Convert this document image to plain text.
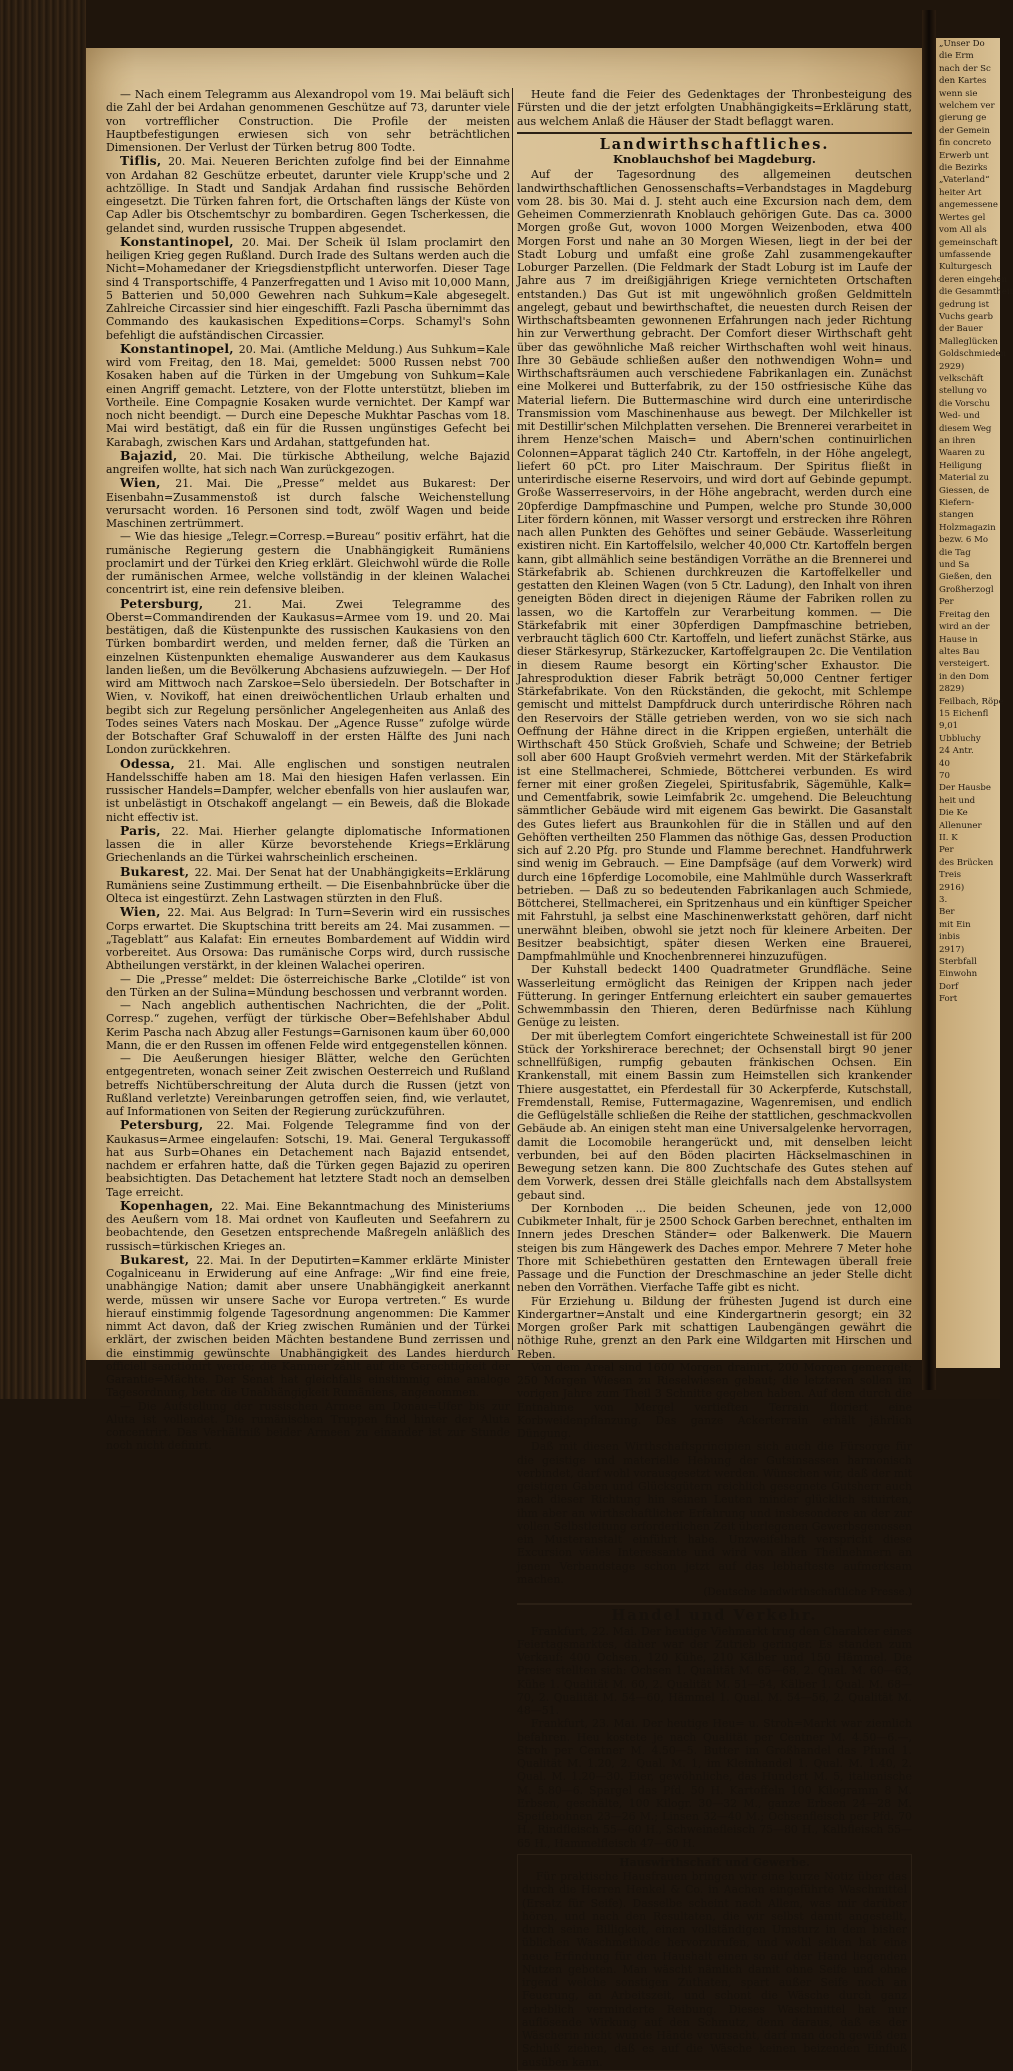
— Nach einem Telegramm aus Alexandropol vom 19. Mai beläuft sich die Zahl der bei Ardahan genommenen Geschütze auf 73, darunter viele von vortrefflicher Construction. Die Profile der meisten Hauptbefestigungen erwiesen sich von sehr beträchtlichen Dimensionen. Der Verlust der Türken betrug 800 Todte.

Tiflis, 20. Mai. Neueren Berichten zufolge find bei der Einnahme von Ardahan 82 Geschütze erbeutet, darunter viele Krupp'sche und 2 achtzöllige. In Stadt und Sandjak Ardahan find russische Behörden eingesetzt. Die Türken fahren fort, die Ortschaften längs der Küste von Cap Adler bis Otschemtschyr zu bombardiren. Gegen Tscherkessen, die gelandet sind, wurden russische Truppen abgesendet.

Konstantinopel, 20. Mai. Der Scheik ül Islam proclamirt den heiligen Krieg gegen Rußland. Durch Irade des Sultans werden auch die Nicht=Mohamedaner der Kriegsdienstpflicht unterworfen. Dieser Tage sind 4 Transportschiffe, 4 Panzerfregatten und 1 Aviso mit 10,000 Mann, 5 Batterien und 50,000 Gewehren nach Suhkum=Kale abgesegelt. Zahlreiche Circassier sind hier eingeschifft. Fazli Pascha übernimmt das Commando des kaukasischen Expeditions=Corps. Schamyl's Sohn befehligt die aufständischen Circassier.

Konstantinopel, 20. Mai. (Amtliche Meldung.) Aus Suhkum=Kale wird vom Freitag, den 18. Mai, gemeldet: 5000 Russen nebst 700 Kosaken haben auf die Türken in der Umgebung von Suhkum=Kale einen Angriff gemacht. Letztere, von der Flotte unterstützt, blieben im Vortheile. Eine Compagnie Kosaken wurde vernichtet. Der Kampf war noch nicht beendigt. — Durch eine Depesche Mukhtar Paschas vom 18. Mai wird bestätigt, daß ein für die Russen ungünstiges Gefecht bei Karabagh, zwischen Kars und Ardahan, stattgefunden hat.

Bajazid, 20. Mai. Die türkische Abtheilung, welche Bajazid angreifen wollte, hat sich nach Wan zurückgezogen.

Wien, 21. Mai. Die „Presse“ meldet aus Bukarest: Der Eisenbahn=Zusammenstoß ist durch falsche Weichenstellung verursacht worden. 16 Personen sind todt, zwölf Wagen und beide Maschinen zertrümmert.

— Wie das hiesige „Telegr.=Corresp.=Bureau“ positiv erfährt, hat die rumänische Regierung gestern die Unabhängigkeit Rumäniens proclamirt und der Türkei den Krieg erklärt. Gleichwohl würde die Rolle der rumänischen Armee, welche vollständig in der kleinen Walachei concentrirt ist, eine rein defensive bleiben.

Petersburg, 21. Mai. Zwei Telegramme des Oberst=Commandirenden der Kaukasus=Armee vom 19. und 20. Mai bestätigen, daß die Küstenpunkte des russischen Kaukasiens von den Türken bombardirt werden, und melden ferner, daß die Türken an einzelnen Küstenpunkten ehemalige Auswanderer aus dem Kaukasus landen ließen, um die Bevölkerung Abchasiens aufzuwiegeln. — Der Hof wird am Mittwoch nach Zarskoe=Selo übersiedeln. Der Botschafter in Wien, v. Novikoff, hat einen dreiwöchentlichen Urlaub erhalten und begibt sich zur Regelung persönlicher Angelegenheiten aus Anlaß des Todes seines Vaters nach Moskau. Der „Agence Russe“ zufolge würde der Botschafter Graf Schuwaloff in der ersten Hälfte des Juni nach London zurückkehren.

Odessa, 21. Mai. Alle englischen und sonstigen neutralen Handelsschiffe haben am 18. Mai den hiesigen Hafen verlassen. Ein russischer Handels=Dampfer, welcher ebenfalls von hier auslaufen war, ist unbelästigt in Otschakoff angelangt — ein Beweis, daß die Blokade nicht effectiv ist.

Paris, 22. Mai. Hierher gelangte diplomatische Informationen lassen die in aller Kürze bevorstehende Kriegs=Erklärung Griechenlands an die Türkei wahrscheinlich erscheinen.

Bukarest, 22. Mai. Der Senat hat der Unabhängigkeits=Erklärung Rumäniens seine Zustimmung ertheilt. — Die Eisenbahnbrücke über die Olteca ist eingestürzt. Zehn Lastwagen stürzten in den Fluß.

Wien, 22. Mai. Aus Belgrad: In Turn=Severin wird ein russisches Corps erwartet. Die Skuptschina tritt bereits am 24. Mai zusammen. — „Tageblatt“ aus Kalafat: Ein erneutes Bombardement auf Widdin wird vorbereitet. Aus Orsowa: Das rumänische Corps wird, durch russische Abtheilungen verstärkt, in der kleinen Walachei operiren.

— Die „Presse“ meldet: Die österreichische Barke „Clotilde“ ist von den Türken an der Sulina=Mündung beschossen und verbrannt worden.

— Nach angeblich authentischen Nachrichten, die der „Polit. Corresp.“ zugehen, verfügt der türkische Ober=Befehlshaber Abdul Kerim Pascha nach Abzug aller Festungs=Garnisonen kaum über 60,000 Mann, die er den Russen im offenen Felde wird entgegenstellen können.

— Die Aeußerungen hiesiger Blätter, welche den Gerüchten entgegentreten, wonach seiner Zeit zwischen Oesterreich und Rußland betreffs Nichtüberschreitung der Aluta durch die Russen (jetzt von Rußland verletzte) Vereinbarungen getroffen seien, find, wie verlautet, auf Informationen von Seiten der Regierung zurückzuführen.

Petersburg, 22. Mai. Folgende Telegramme find von der Kaukasus=Armee eingelaufen: Sotschi, 19. Mai. General Tergukassoff hat aus Surb=Ohanes ein Detachement nach Bajazid entsendet, nachdem er erfahren hatte, daß die Türken gegen Bajazid zu operiren beabsichtigten. Das Detachement hat letztere Stadt noch an demselben Tage erreicht.

Kopenhagen, 22. Mai. Eine Bekanntmachung des Ministeriums des Aeußern vom 18. Mai ordnet von Kaufleuten und Seefahrern zu beobachtende, den Gesetzen entsprechende Maßregeln anläßlich des russisch=türkischen Krieges an.

Bukarest, 22. Mai. In der Deputirten=Kammer erklärte Minister Cogalniceanu in Erwiderung auf eine Anfrage: „Wir find eine freie, unabhängige Nation; damit aber unsere Unabhängigkeit anerkannt werde, müssen wir unsere Sache vor Europa vertreten.“ Es wurde hierauf einstimmig folgende Tagesordnung angenommen: Die Kammer nimmt Act davon, daß der Krieg zwischen Rumänien und der Türkei erklärt, der zwischen beiden Mächten bestandene Bund zerrissen und die einstimmig gewünschte Unabhängigkeit des Landes hierdurch officiell sanctionirt werde; die Kammer zählt auf die Gerechtigkeit der Garantie=Mächte. Der Senat hat gleichfalls einstimmig eine analoge Tagesordnung, betr. die Unabhängigkeit Rumäniens, angenommen.

— Die Aufstellung der russischen Armee am Donau=Ufer bis zur Aluta ist vollendet. Die rumänischen Truppen find hinter der Aluta concentrirt. Das Verhältniß beider Armeen zu einander ist zur Stunde noch nicht definirt.

Heute fand die Feier des Gedenktages der Thronbesteigung des Fürsten und die der jetzt erfolgten Unabhängigkeits=Erklärung statt, aus welchem Anlaß die Häuser der Stadt beflaggt waren.

Landwirthschaftliches.
Knoblauchshof bei Magdeburg.

Auf der Tagesordnung des allgemeinen deutschen landwirthschaftlichen Genossenschafts=Verbandstages in Magdeburg vom 28. bis 30. Mai d. J. steht auch eine Excursion nach dem, dem Geheimen Commerzienrath Knoblauch gehörigen Gute. Das ca. 3000 Morgen große Gut, wovon 1000 Morgen Weizenboden, etwa 400 Morgen Forst und nahe an 30 Morgen Wiesen, liegt in der bei der Stadt Loburg und umfaßt eine große Zahl zusammengekaufter Loburger Parzellen. (Die Feldmark der Stadt Loburg ist im Laufe der Jahre aus 7 im dreißigjährigen Kriege vernichteten Ortschaften entstanden.) Das Gut ist mit ungewöhnlich großen Geldmitteln angelegt, gebaut und bewirthschaftet, die neuesten durch Reisen der Wirthschaftsbeamten gewonnenen Erfahrungen nach jeder Richtung hin zur Verwerthung gebracht. Der Comfort dieser Wirthschaft geht über das gewöhnliche Maß reicher Wirthschaften wohl weit hinaus. Ihre 30 Gebäude schließen außer den nothwendigen Wohn= und Wirthschaftsräumen auch verschiedene Fabrikanlagen ein. Zunächst eine Molkerei und Butterfabrik, zu der 150 ostfriesische Kühe das Material liefern. Die Buttermaschine wird durch eine unterirdische Transmission vom Maschinenhause aus bewegt. Der Milchkeller ist mit Destillir'schen Milchplatten versehen. Die Brennerei verarbeitet in ihrem Henze'schen Maisch= und Abern'schen continuirlichen Colonnen=Apparat täglich 240 Ctr. Kartoffeln, in der Höhe angelegt, liefert 60 pCt. pro Liter Maischraum. Der Spiritus fließt in unterirdische eiserne Reservoirs, und wird dort auf Gebinde gepumpt. Große Wasserreservoirs, in der Höhe angebracht, werden durch eine 20pferdige Dampfmaschine und Pumpen, welche pro Stunde 30,000 Liter fördern können, mit Wasser versorgt und erstrecken ihre Röhren nach allen Punkten des Gehöftes und seiner Gebäude. Wasserleitung existiren nicht. Ein Kartoffelsilo, welcher 40,000 Ctr. Kartoffeln bergen kann, gibt allmählich seine beständigen Vorräthe an die Brennerei und Stärkefabrik ab. Schienen durchkreuzen die Kartoffelkeller und gestatten den Kleinen Wagen (von 5 Ctr. Ladung), den Inhalt von ihren geneigten Böden direct in diejenigen Räume der Fabriken rollen zu lassen, wo die Kartoffeln zur Verarbeitung kommen. — Die Stärkefabrik mit einer 30pferdigen Dampfmaschine betrieben, verbraucht täglich 600 Ctr. Kartoffeln, und liefert zunächst Stärke, aus dieser Stärkesyrup, Stärkezucker, Kartoffelgraupen 2c. Die Ventilation in diesem Raume besorgt ein Körting'scher Exhaustor. Die Jahresproduktion dieser Fabrik beträgt 50,000 Centner fertiger Stärkefabrikate. Von den Rückständen, die gekocht, mit Schlempe gemischt und mittelst Dampfdruck durch unterirdische Röhren nach den Reservoirs der Ställe getrieben werden, von wo sie sich nach Oeffnung der Hähne direct in die Krippen ergießen, unterhält die Wirthschaft 450 Stück Großvieh, Schafe und Schweine; der Betrieb soll aber 600 Haupt Großvieh vermehrt werden. Mit der Stärkefabrik ist eine Stellmacherei, Schmiede, Böttcherei verbunden. Es wird ferner mit einer großen Ziegelei, Spiritusfabrik, Sägemühle, Kalk= und Cementfabrik, sowie Leimfabrik 2c. umgehend. Die Beleuchtung sämmtlicher Gebäude wird mit eigenem Gas bewirkt. Die Gasanstalt des Gutes liefert aus Braunkohlen für die in Ställen und auf den Gehöften vertheilten 250 Flammen das nöthige Gas, dessen Production sich auf 2.20 Pfg. pro Stunde und Flamme berechnet. Handfuhrwerk sind wenig im Gebrauch. — Eine Dampfsäge (auf dem Vorwerk) wird durch eine 16pferdige Locomobile, eine Mahlmühle durch Wasserkraft betrieben. — Daß zu so bedeutenden Fabrikanlagen auch Schmiede, Böttcherei, Stellmacherei, ein Spritzenhaus und ein künftiger Speicher mit Fahrstuhl, ja selbst eine Maschinenwerkstatt gehören, darf nicht unerwähnt bleiben, obwohl sie jetzt noch für kleinere Arbeiten. Der Besitzer beabsichtigt, später diesen Werken eine Brauerei, Dampfmahlmühle und Knochenbrennerei hinzuzufügen.

Der Kuhstall bedeckt 1400 Quadratmeter Grundfläche. Seine Wasserleitung ermöglicht das Reinigen der Krippen nach jeder Fütterung. In geringer Entfernung erleichtert ein sauber gemauertes Schwemmbassin den Thieren, deren Bedürfnisse nach Kühlung Genüge zu leisten.

Der mit überlegtem Comfort eingerichtete Schweinestall ist für 200 Stück der Yorkshirerace berechnet; der Ochsenstall birgt 90 jener schnellfüßigen, rumpfig gebauten fränkischen Ochsen. Ein Krankenstall, mit einem Bassin zum Heimstellen sich krankender Thiere ausgestattet, ein Pferdestall für 30 Ackerpferde, Kutschstall, Fremdenstall, Remise, Futtermagazine, Wagenremisen, und endlich die Geflügelställe schließen die Reihe der stattlichen, geschmackvollen Gebäude ab. An einigen steht man eine Universalgelenke hervorragen, damit die Locomobile herangerückt und, mit denselben leicht verbunden, bei auf den Böden placirten Häckselmaschinen in Bewegung setzen kann. Die 800 Zuchtschafe des Gutes stehen auf dem Vorwerk, dessen drei Ställe gleichfalls nach dem Abstallsystem gebaut sind.

Der Kornboden ... Die beiden Scheunen, jede von 12,000 Cubikmeter Inhalt, für je 2500 Schock Garben berechnet, enthalten im Innern jedes Dreschen Ständer= oder Balkenwerk. Die Mauern steigen bis zum Hängewerk des Daches empor. Mehrere 7 Meter hohe Thore mit Schiebethüren gestatten den Erntewagen überall freie Passage und die Function der Dreschmaschine an jeder Stelle dicht neben den Vorräthen. Vierfache Taffe gibt es nicht.

Für Erziehung u. Bildung der frühesten Jugend ist durch eine Kindergartner=Anstalt und eine Kindergartnerin gesorgt; ein 32 Morgen großer Park mit schattigen Laubengängen gewährt die nöthige Ruhe, grenzt an den Park eine Wildgarten mit Hirschen und Reben.

Von dem Areal sind 1600 Morgen drainirt, 200 Morgen gemergelt; 250 Morgen Wiesen zu Rieselwiesen gebaut; die letzteren sollen im vorigen Jahre zum Theil 3 Schnitte gegeben haben. Auf dem durch die Entnahme von Mergel vertieften Terrain floriert eine Korbweidenpflanzung. Das ganze Ackerterrain erhält jährlich Düngung.

Daß mit diesen Wirthschaftsprincipien sich auch die Fürsorge für die geistige und materielle Hebung der Gutsinsassen harmonisch verbindet, darf wohl vorausgesetzt werden. Wünschen wir, daß der mit geistigen Gaben und Glücksgütern reichlich gesegnete Gutsherr auch nach dieser Richtung hin seinen Leuten minder glücklich situirten, ihm aber an wirthschaftlicher Erfahrung und insbesondere an der zur vollen Selbstleitung erforderlichen Zeit überlegenen Gewerbsgenossen ein Musteranstalt einführt habe. Unzweifelhaft verspricht diese Excursion vieles Interessante und wird von allen Theilnehmern an jenem Verbandstage schon jetzt auf das lebhafteste aufmerksam machen.

(Deutsche landwirthschaftliche Presse.)
Handel und Verkehr.

Frankfurt, 22. Mai. Der heutige Viehmarkt trug den Charakter eines Feiertagsmarktes, daher war der Zutrieb geringer. Es standen zum Verkauf: 400 Ochsen, 120 Kühe, 210 Kälber und 150 Hämmel. Die Preise stellten sich: Ochsen 1. Qualität M. 65—68, 2. Qual. M. 60—63, Kühe 1. Qualität M. 60, 2. Qualität M. 51—54, Kälber 1. Qual. M. 68—70, 2. Qualität M. 54—60, Hämmel 1. Qual. M. 54—56, 2. Qualität M. 48—51.

Frankfurt, 23. Mai. Der heutige Heu= u. Stroh=Markt war ziemlich befahren. Heu kostete je nach Qualität per Centner M. 4.50—6.—, Stroh per Centner M. 4.50—5. Butter im Großhandel das Pfund 1. Qualität M. 1.20, 2. Qual. M. 1, im Kleinhandel 1. Qual. M. 1.40, 2. Qual. M. 1.20—30. Eier, gewöhnliche, das Hundert M. 5, italienische M. 5.80—6. Spargel das Pfd. 50 H. Kartoffeln 100 Kilogramm 8 M. Erbsen, geschälte, 100 Kilogr. 30—32 M., ganze Erbsen 24—28 M. Speiſebohnen 23—26 M.; Linsen 32—40 M.; Ochsenfleisch per Pfd. 70 H., Rindfleisch 55—60 H., Schweinefleisch 75—80 H., Kalbfleisch 55—65 H., Hammelfleisch 47—60 H.

Hauswirthschaft und Gewerbe.

Für praktische Hausfrauen bringen wir eine kurze Notiz über das durch die Herren Henkel & Co. in Aachen eingeführte Waschmittel (Ersatz für Seife). Dasselbe scheint nach Allem, was mir darüber hören, und nach den Resultaten, die wir selbst damit angestellt, durch seine Billigkeit, einen vollständigen Umsturz in dem bisher üblichen Waschmethode hervorzurufen, und wohl selten hat eine neue Erfindung für den Haushalt einen so auf der Hand liegenden Nutzen geboten. Man wäscht nämlich damit ohne Seife und ohne irgend welche sonstigen Zuthaten, spart außer Seife noch an Feuerung, an Arbeitszeit, und schont die Wäsche durch ganz erheblich verminderte Reibung. Dieses Waschmittel hat nur auflösende Wirkung auf den Schmutz, denn daraus, daß es der Wäscherin nicht wunde Hände verursacht, darf man doch gewiß den Schluß ziehen, daß es auf die Wäsche keinen beizenden Einfluß ausüben kann.

„Unser Do
die Erm
nach der Sc
den Kartes
wenn sie
welchem ver
gierung ge
der Gemein
fin concreto
Erwerb unt
die Bezirks
„Vaterland“
heiter Art
angemessene
Wertes gel
vom All als
gemeinschaft
umfassende
Kulturgesch
deren eingehen
die Gesammtheit
gedrung ist
Vuchs gearb
der Bauer
Malleglücken
Goldschmieden
2929)
velkschäft
stellung vo
die Vorschu
Wed- und
diesem Weg
an ihren
Waaren zu
Heiligung
Material zu
Giessen, de
Kiefern-
stangen
Holzmagazin
bezw. 6 Mo
die Tag
und Sa
Gießen, den
Großherzogl
Per
Freitag den
wird an der
Hause in
altes Bau
versteigert.
in den Dom
2829)
Feilbach, Röpe
15 Eichenfl
9,01
Ubbluchy
24 Antr.
40
70
Der Hausbe
heit und
Die Ke
Allenuner
II. K
Per
des Brücken
Treis
2916)
3.
Ber
mit Ein
inbis
2917)
Sterbfall
Einwohn
Dorf
Fort
